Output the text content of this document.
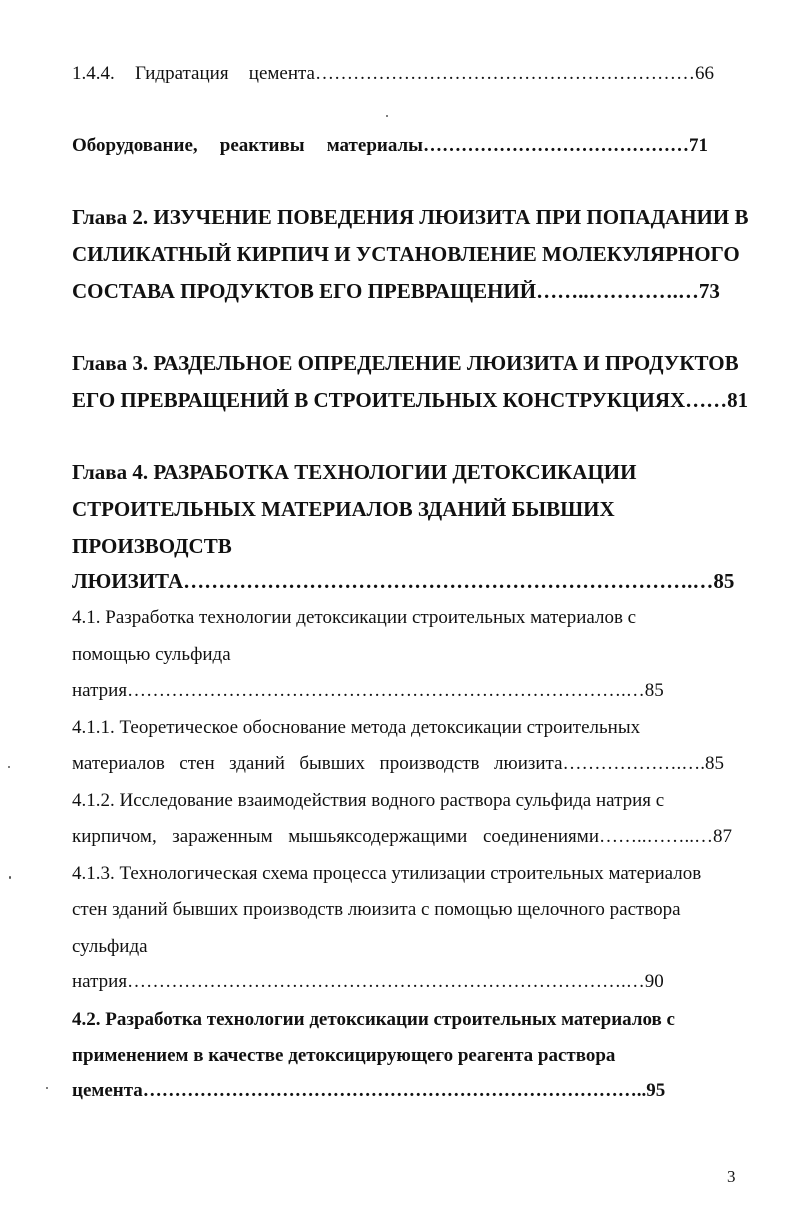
1.4.4. Гидратация цемента……………………………………………………66
Оборудование, реактивы материалы……………………………………71
Глава 2. ИЗУЧЕНИЕ ПОВЕДЕНИЯ ЛЮИЗИТА ПРИ ПОПАДАНИИ В
СИЛИКАТНЫЙ КИРПИЧ И УСТАНОВЛЕНИЕ МОЛЕКУЛЯРНОГО
СОСТАВА ПРОДУКТОВ ЕГО ПРЕВРАЩЕНИЙ……..………….…73
Глава 3. РАЗДЕЛЬНОЕ ОПРЕДЕЛЕНИЕ ЛЮИЗИТА И ПРОДУКТОВ
ЕГО ПРЕВРАЩЕНИЙ В СТРОИТЕЛЬНЫХ КОНСТРУКЦИЯХ……81
Глава 4. РАЗРАБОТКА ТЕХНОЛОГИИ ДЕТОКСИКАЦИИ
СТРОИТЕЛЬНЫХ МАТЕРИАЛОВ ЗДАНИЙ БЫВШИХ
ПРОИЗВОДСТВ
ЛЮИЗИТА……………………………………………………………….…85
4.1. Разработка технологии детоксикации строительных материалов с
помощью сульфида
натрия…………………………………………………………………….…85
4.1.1. Теоретическое обоснование метода детоксикации строительных
материалов стен зданий бывших производств люизита……………….….85
4.1.2. Исследование взаимодействия водного раствора сульфида натрия с
кирпичом, зараженным мышьяксодержащими соединениями……..……..…87
4.1.3. Технологическая схема процесса утилизации строительных материалов
стен зданий бывших производств люизита с помощью щелочного раствора
сульфида
натрия…………………………………………………………………….…90
4.2. Разработка технологии детоксикации строительных материалов с
применением в качестве детоксицирующего реагента раствора
цемента……………………………………………………………………..95
3
